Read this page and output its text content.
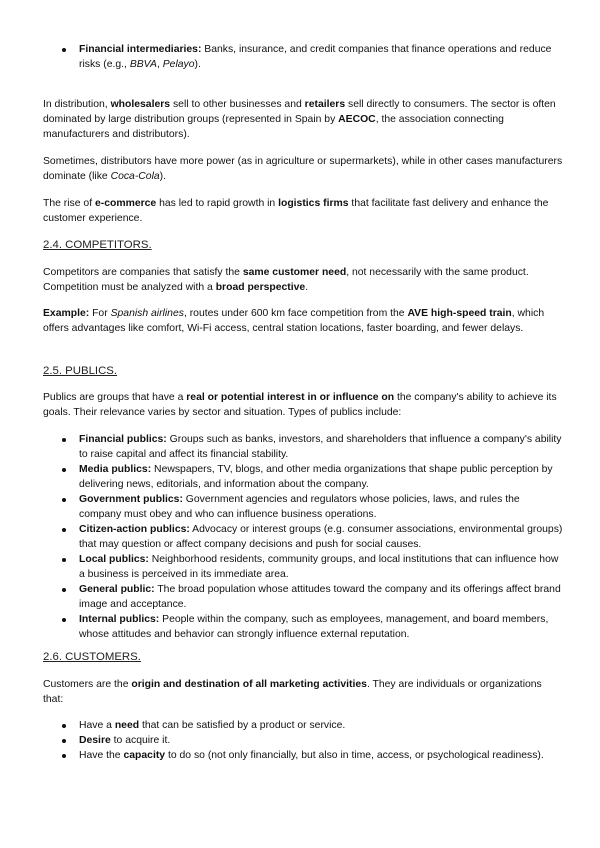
Financial intermediaries: Banks, insurance, and credit companies that finance operations and reduce risks (e.g., BBVA, Pelayo).

In distribution, wholesalers sell to other businesses and retailers sell directly to consumers. The sector is often dominated by large distribution groups (represented in Spain by AECOC, the association connecting manufacturers and distributors).

Sometimes, distributors have more power (as in agriculture or supermarkets), while in other cases manufacturers dominate (like Coca-Cola).

The rise of e-commerce has led to rapid growth in logistics firms that facilitate fast delivery and enhance the customer experience.

2.4. COMPETITORS.

Competitors are companies that satisfy the same customer need, not necessarily with the same product. Competition must be analyzed with a broad perspective.

Example: For Spanish airlines, routes under 600 km face competition from the AVE high-speed train, which offers advantages like comfort, Wi-Fi access, central station locations, faster boarding, and fewer delays.

2.5. PUBLICS.

Publics are groups that have a real or potential interest in or influence on the company's ability to achieve its goals. Their relevance varies by sector and situation. Types of publics include:

Financial publics: Groups such as banks, investors, and shareholders that influence a company's ability to raise capital and affect its financial stability.
Media publics: Newspapers, TV, blogs, and other media organizations that shape public perception by delivering news, editorials, and information about the company.
Government publics: Government agencies and regulators whose policies, laws, and rules the company must obey and who can influence business operations.
Citizen-action publics: Advocacy or interest groups (e.g. consumer associations, environmental groups) that may question or affect company decisions and push for social causes.
Local publics: Neighborhood residents, community groups, and local institutions that can influence how a business is perceived in its immediate area.
General public: The broad population whose attitudes toward the company and its offerings affect brand image and acceptance.
Internal publics: People within the company, such as employees, management, and board members, whose attitudes and behavior can strongly influence external reputation.
2.6. CUSTOMERS.

Customers are the origin and destination of all marketing activities. They are individuals or organizations that:

Have a need that can be satisfied by a product or service.
Desire to acquire it.
Have the capacity to do so (not only financially, but also in time, access, or psychological readiness).
